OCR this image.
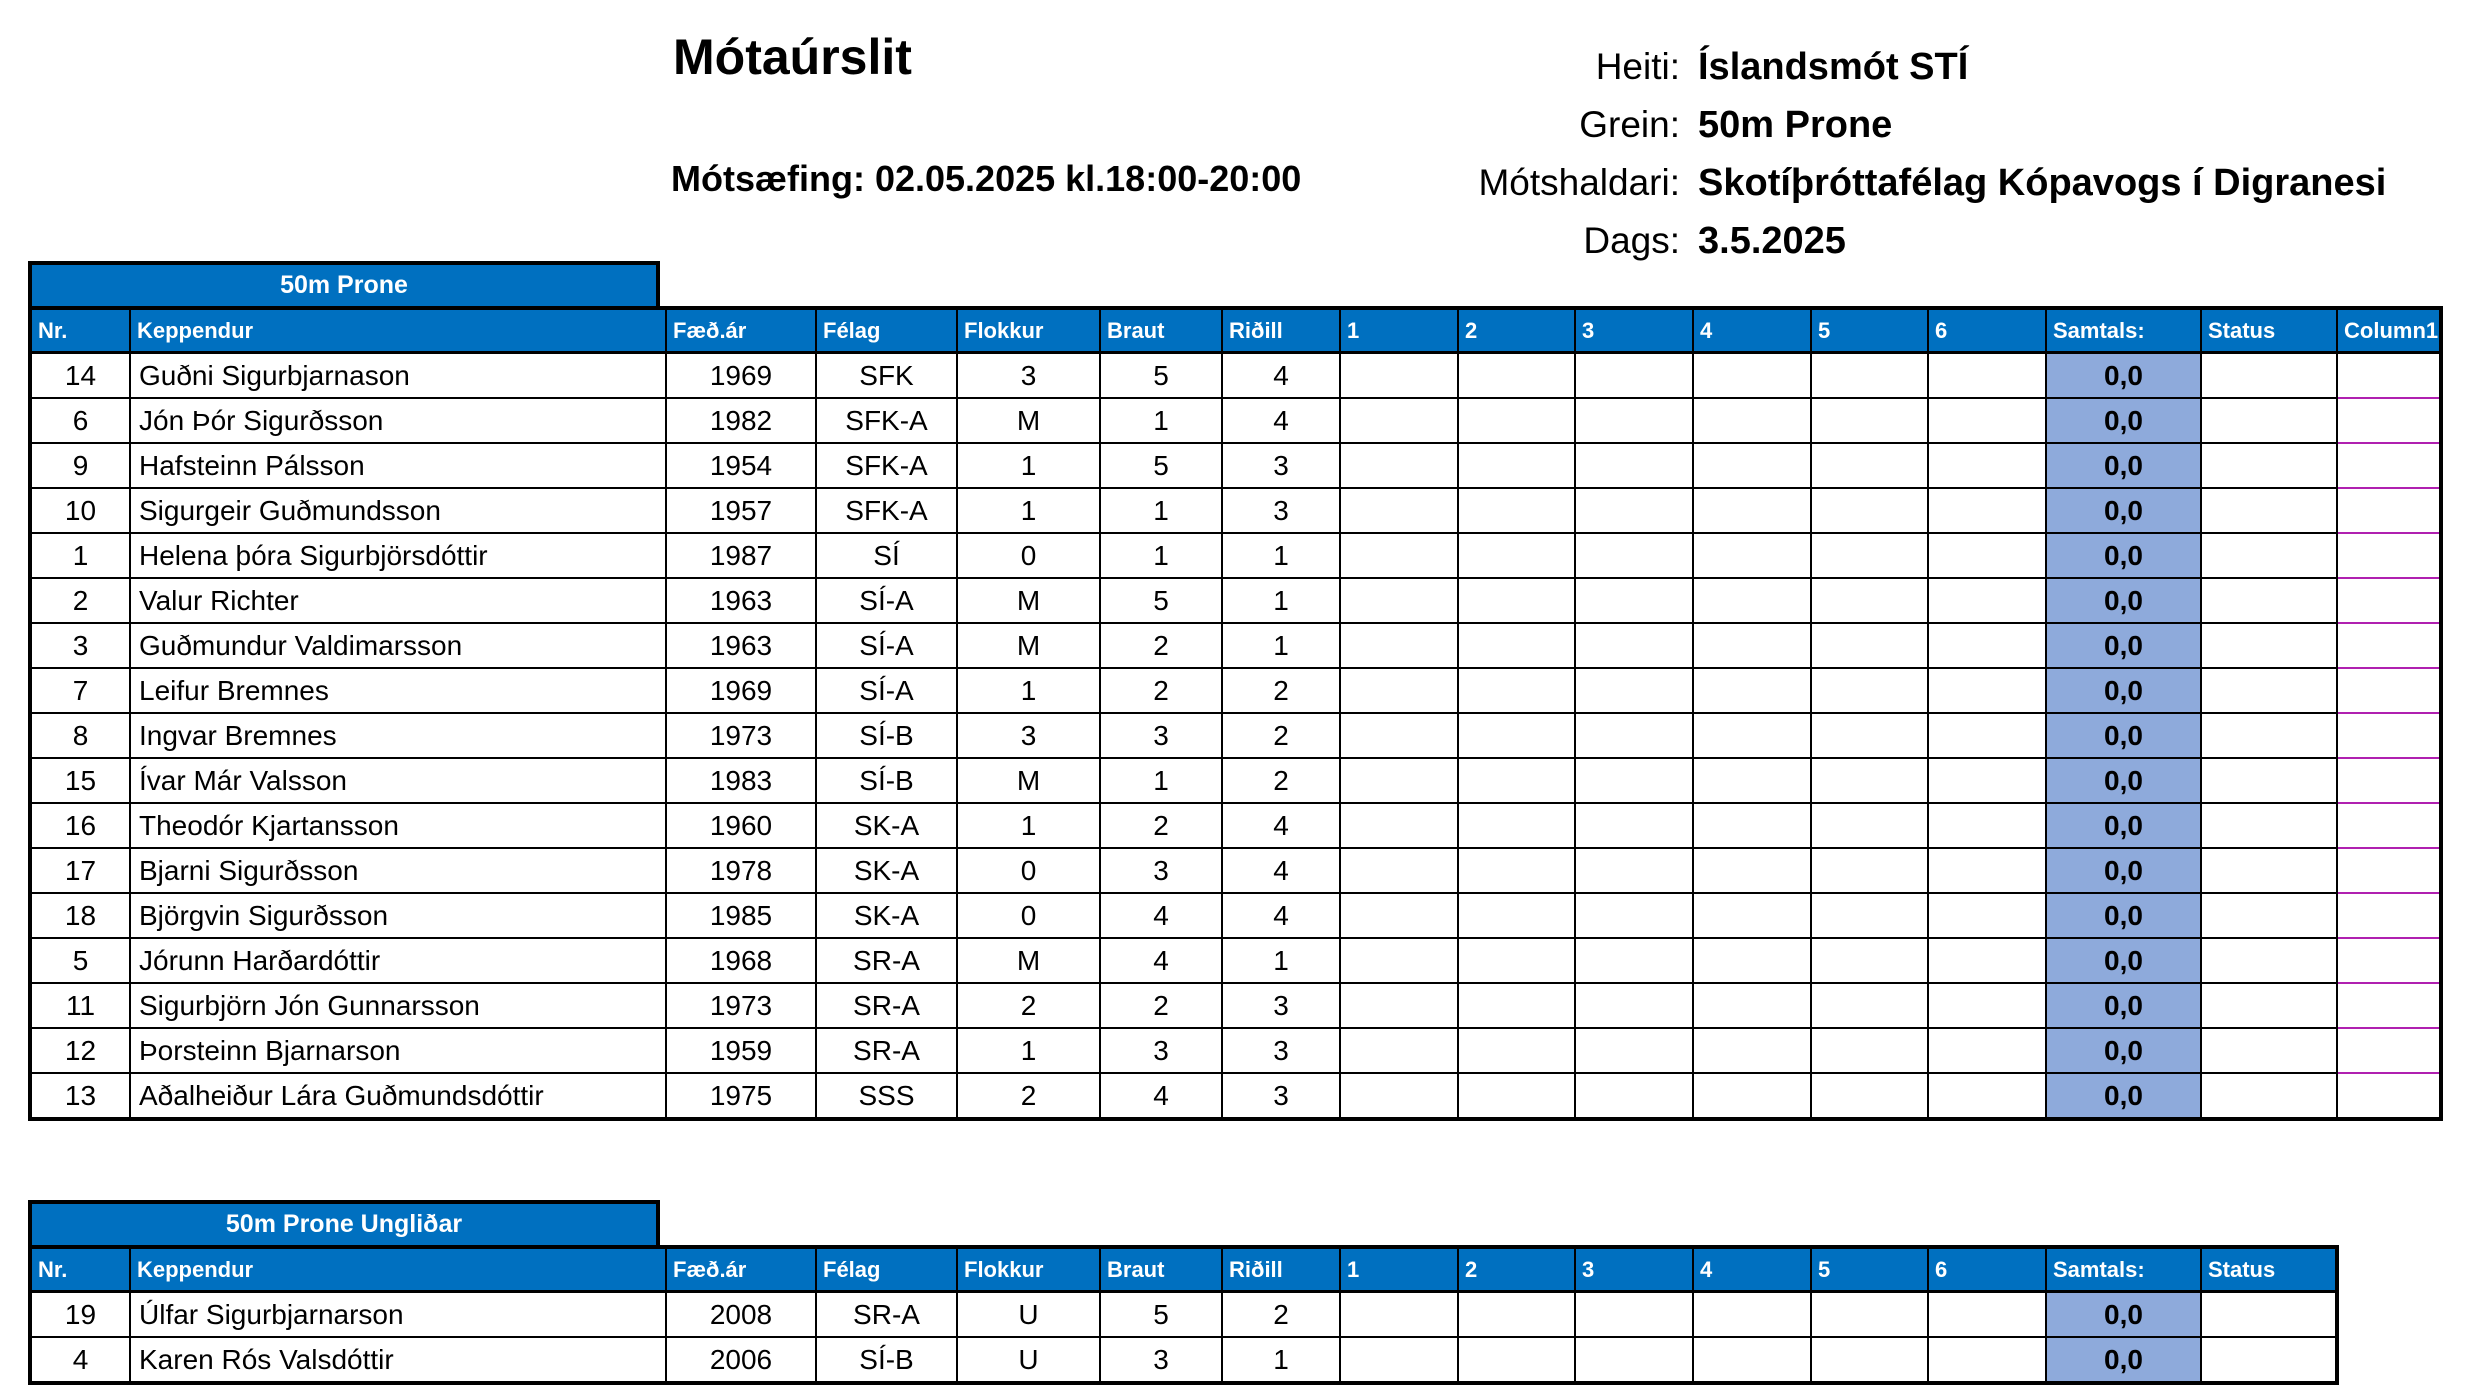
Mótaúrslit
Mótsæfing: 02.05.2025 kl.18:00-20:00
Heiti: Íslandsmót STÍ
Grein: 50m Prone
Mótshaldari: Skotíþróttafélag Kópavogs í Digranesi
Dags: 3.5.2025
50m Prone
Nr.	Keppendur	Fæð.ár	Félag	Flokkur	Braut	Riðill	1	2	3	4	5	6	Samtals:	Status	Column1
14	Guðni Sigurbjarnason	1969	SFK	3	5	4							0,0		
6	Jón Þór Sigurðsson	1982	SFK-A	M	1	4							0,0		
9	Hafsteinn Pálsson	1954	SFK-A	1	5	3							0,0		
10	Sigurgeir Guðmundsson	1957	SFK-A	1	1	3							0,0		
1	Helena þóra Sigurbjörsdóttir	1987	SÍ	0	1	1							0,0		
2	Valur Richter	1963	SÍ-A	M	5	1							0,0		
3	Guðmundur Valdimarsson	1963	SÍ-A	M	2	1							0,0		
7	Leifur Bremnes	1969	SÍ-A	1	2	2							0,0		
8	Ingvar Bremnes	1973	SÍ-B	3	3	2							0,0		
15	Ívar Már Valsson	1983	SÍ-B	M	1	2							0,0		
16	Theodór Kjartansson	1960	SK-A	1	2	4							0,0		
17	Bjarni Sigurðsson	1978	SK-A	0	3	4							0,0		
18	Björgvin Sigurðsson	1985	SK-A	0	4	4							0,0		
5	Jórunn Harðardóttir	1968	SR-A	M	4	1							0,0		
11	Sigurbjörn Jón Gunnarsson	1973	SR-A	2	2	3							0,0		
12	Þorsteinn Bjarnarson	1959	SR-A	1	3	3							0,0		
13	Aðalheiður Lára Guðmundsdóttir	1975	SSS	2	4	3							0,0		
50m Prone Ungliðar
Nr.	Keppendur	Fæð.ár	Félag	Flokkur	Braut	Riðill	1	2	3	4	5	6	Samtals:	Status
19	Úlfar Sigurbjarnarson	2008	SR-A	U	5	2							0,0	
4	Karen Rós Valsdóttir	2006	SÍ-B	U	3	1							0,0	
